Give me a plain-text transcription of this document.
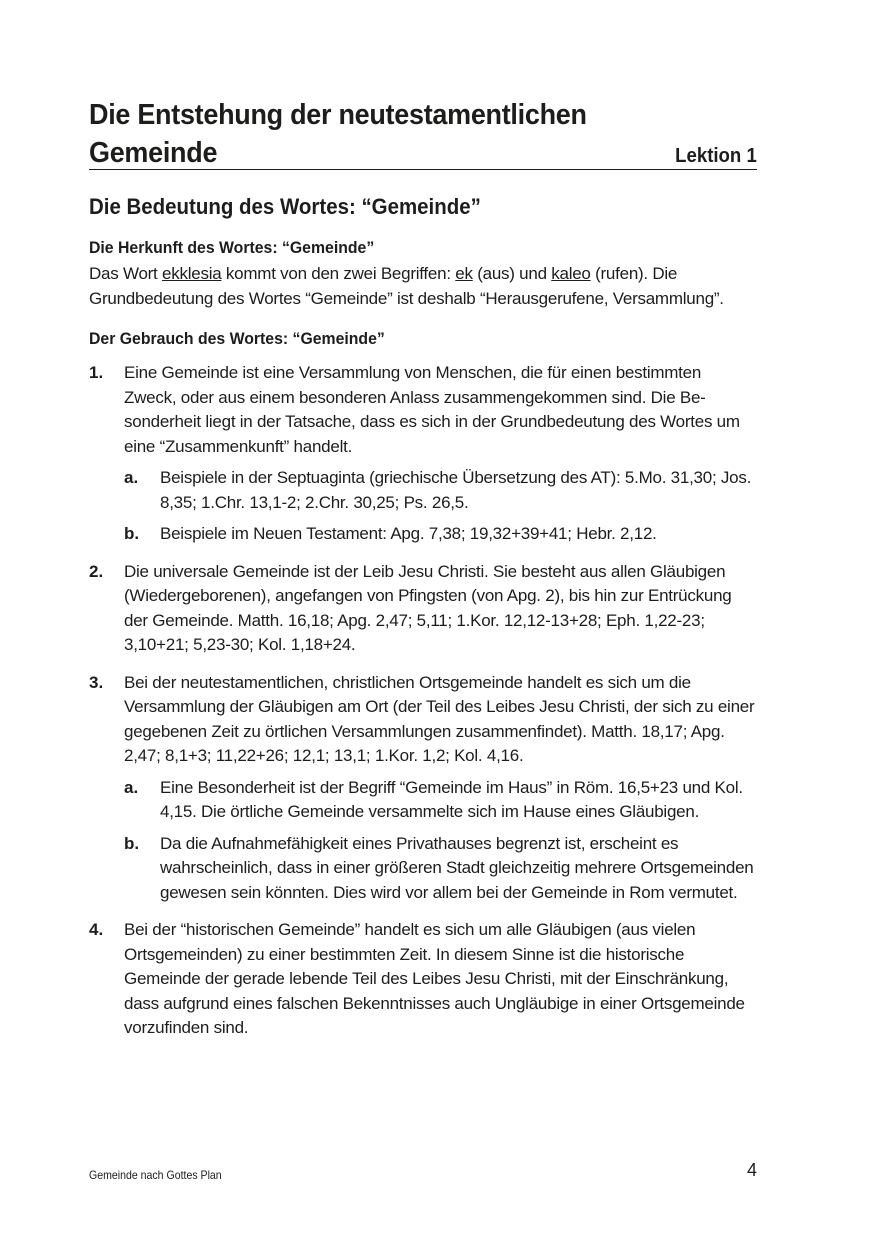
Die Entstehung der neutestamentlichen
Gemeinde	Lektion 1
Die Bedeutung des Wortes: “Gemeinde”
Die Herkunft des Wortes: “Gemeinde”

Das Wort ekklesia kommt von den zwei Begriffen: ek (aus) und kaleo (rufen). Die Grundbedeutung des Wortes “Gemeinde” ist deshalb “Herausgerufene, Versammlung”.

Der Gebrauch des Wortes: “Gemeinde”
1.	Eine Gemeinde ist eine Versammlung von Menschen, die für einen bestimmten Zweck, oder aus einem besonderen Anlass zusammengekommen sind. Die Besonderheit liegt in der Tatsache, dass es sich in der Grundbedeutung des Wortes um eine “Zusammenkunft” handelt.
a.	Beispiele in der Septuaginta (griechische Übersetzung des AT): 5.Mo. 31,30; Jos. 8,35; 1.Chr. 13,1-2; 2.Chr. 30,25; Ps. 26,5.
b.	Beispiele im Neuen Testament: Apg. 7,38; 19,32+39+41; Hebr. 2,12.
2.	Die universale Gemeinde ist der Leib Jesu Christi. Sie besteht aus allen Gläubigen (Wiedergeborenen), angefangen von Pfingsten (von Apg. 2), bis hin zur Entrückung der Gemeinde. Matth. 16,18; Apg. 2,47; 5,11; 1.Kor. 12,12-13+28; Eph. 1,22-23; 3,10+21; 5,23-30; Kol. 1,18+24.
3.	Bei der neutestamentlichen, christlichen Ortsgemeinde handelt es sich um die Versammlung der Gläubigen am Ort (der Teil des Leibes Jesu Christi, der sich zu einer gegebenen Zeit zu örtlichen Versammlungen zusammenfindet). Matth. 18,17; Apg. 2,47; 8,1+3; 11,22+26; 12,1; 13,1; 1.Kor. 1,2; Kol. 4,16.
a.	Eine Besonderheit ist der Begriff “Gemeinde im Haus” in Röm. 16,5+23 und Kol. 4,15. Die örtliche Gemeinde versammelte sich im Hause eines Gläubigen.
b.	Da die Aufnahmefähigkeit eines Privathauses begrenzt ist, erscheint es wahrscheinlich, dass in einer größeren Stadt gleichzeitig mehrere Ortsgemeinden gewesen sein könnten. Dies wird vor allem bei der Gemeinde in Rom vermutet.
4.	Bei der “historischen Gemeinde” handelt es sich um alle Gläubigen (aus vielen Ortsgemeinden) zu einer bestimmten Zeit. In diesem Sinne ist die historische Gemeinde der gerade lebende Teil des Leibes Jesu Christi, mit der Einschränkung, dass aufgrund eines falschen Bekenntnisses auch Ungläubige in einer Ortsgemeinde vorzufinden sind.
Gemeinde nach Gottes Plan	4
